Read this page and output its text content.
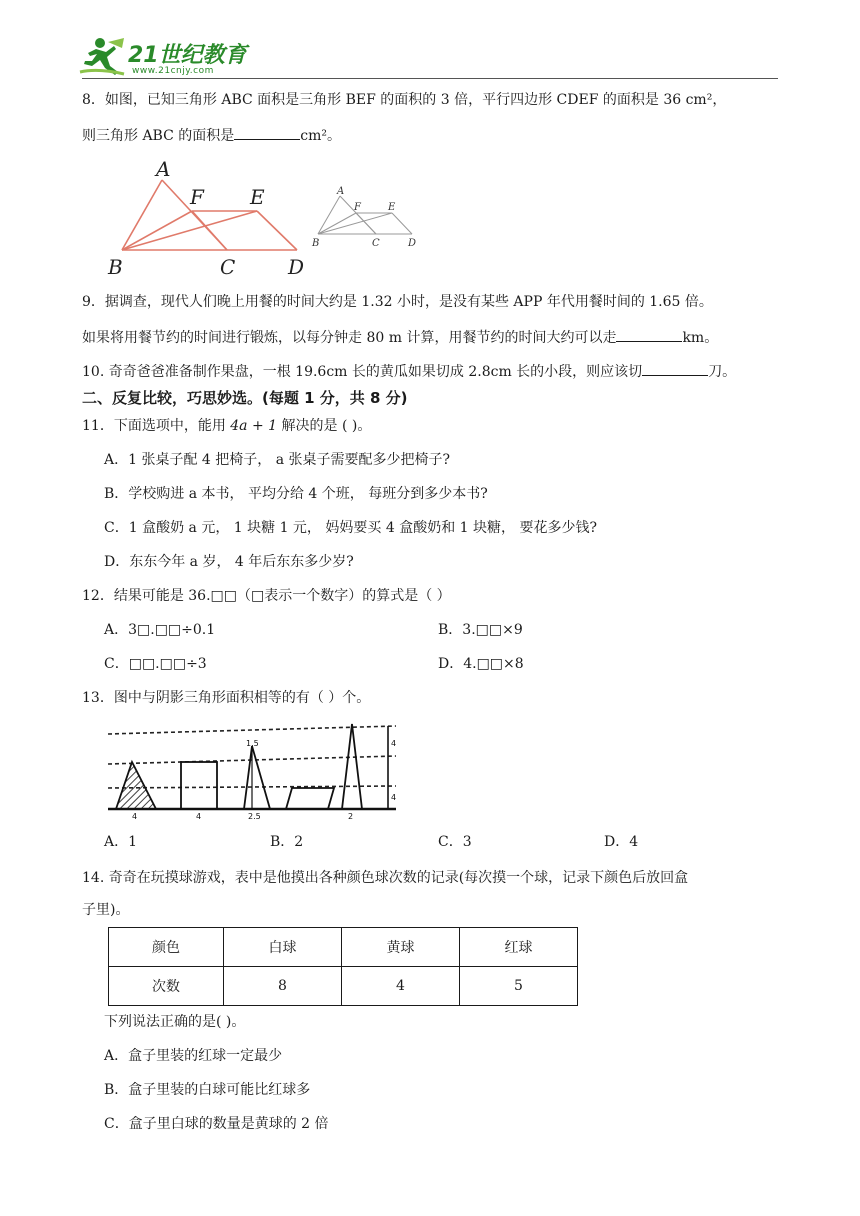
21世纪教育
www.21cnjy.com
8．如图，已知三角形 ABC 面积是三角形 BEF 的面积的 3 倍，平行四边形 CDEF 的面积是 36 cm²，
则三角形 ABC 的面积是	cm²。
A
F E
B	C	D
A
F	E
B	C	D
9．据调查，现代人们晚上用餐的时间大约是 1.32 小时，是没有某些 APP 年代用餐时间的 1.65 倍。
如果将用餐节约的时间进行锻炼，以每分钟走 80 m 计算，用餐节约的时间大约可以走	km。
10. 奇奇爸爸准备制作果盘，一根 19.6cm 长的黄瓜如果切成 2.8cm 长的小段，则应该切	刀。
二、反复比较，巧思妙选。(每题 1 分，共 8 分)
11．下面选项中，能用 4a + 1 解决的是 ( )。
A．1 张桌子配 4 把椅子， a 张桌子需要配多少把椅子?
B．学校购进 a 本书， 平均分给 4 个班， 每班分到多少本书?
C．1 盒酸奶 a 元， 1 块糖 1 元， 妈妈要买 4 盒酸奶和 1 块糖， 要花多少钱?
D．东东今年 a 岁， 4 年后东东多少岁?
12．结果可能是 36.□□（□表示一个数字）的算式是（ ）
A．3□.□□÷0.1	B．3.□□×9
C．□□.□□÷3	D．4.□□×8
13．图中与阴影三角形面积相等的有（ ）个。
4	4
1.5
2.5	2
4
4
A．1	B．2	C．3	D．4
14. 奇奇在玩摸球游戏，表中是他摸出各种颜色球次数的记录(每次摸一个球，记录下颜色后放回盒
子里)。
颜色	白球	黄球	红球
次数	8	4	5
下列说法正确的是( )。
A．盒子里装的红球一定最少
B．盒子里装的白球可能比红球多
C．盒子里白球的数量是黄球的 2 倍
